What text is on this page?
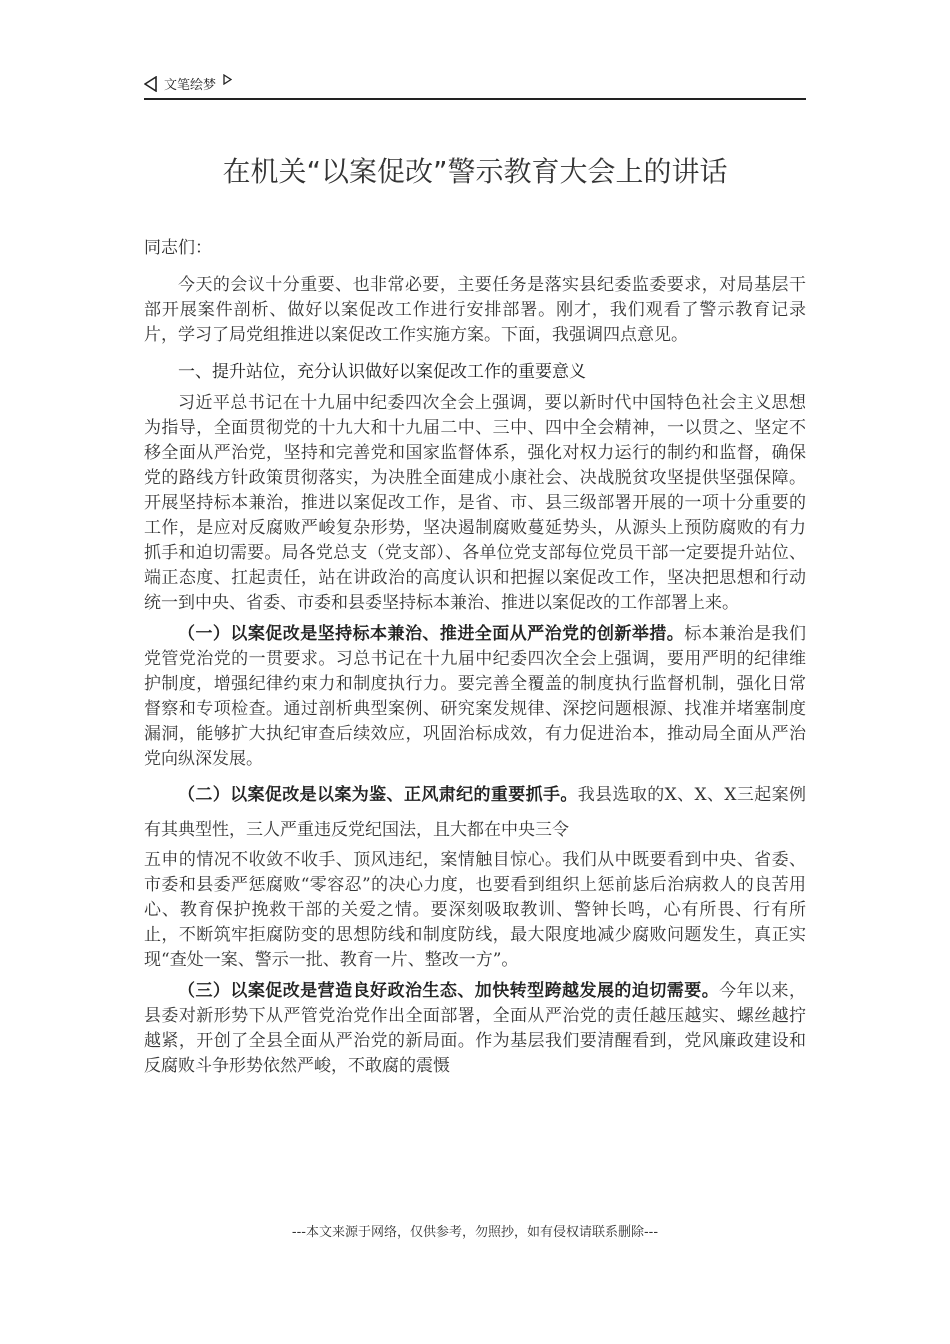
文笔绘梦
在机关“以案促改”警示教育大会上的讲话

同志们：

今天的会议十分重要、也非常必要，主要任务是落实县纪委监委要求，对局基层干部开展案件剖析、做好以案促改工作进行安排部署。刚才，我们观看了警示教育记录片，学习了局党组推进以案促改工作实施方案。下面，我强调四点意见。

一、提升站位，充分认识做好以案促改工作的重要意义

习近平总书记在十九届中纪委四次全会上强调，要以新时代中国特色社会主义思想为指导，全面贯彻党的十九大和十九届二中、三中、四中全会精神，一以贯之、坚定不移全面从严治党，坚持和完善党和国家监督体系，强化对权力运行的制约和监督，确保党的路线方针政策贯彻落实，为决胜全面建成小康社会、决战脱贫攻坚提供坚强保障。开展坚持标本兼治，推进以案促改工作，是省、市、县三级部署开展的一项十分重要的工作，是应对反腐败严峻复杂形势，坚决遏制腐败蔓延势头，从源头上预防腐败的有力抓手和迫切需要。局各党总支（党支部）、各单位党支部每位党员干部一定要提升站位、端正态度、扛起责任，站在讲政治的高度认识和把握以案促改工作，坚决把思想和行动统一到中央、省委、市委和县委坚持标本兼治、推进以案促改的工作部署上来。

（一）以案促改是坚持标本兼治、推进全面从严治党的创新举措。标本兼治是我们党管党治党的一贯要求。习总书记在十九届中纪委四次全会上强调，要用严明的纪律维护制度，增强纪律约束力和制度执行力。要完善全覆盖的制度执行监督机制，强化日常督察和专项检查。通过剖析典型案例、研究案发规律、深挖问题根源、找准并堵塞制度漏洞，能够扩大执纪审查后续效应，巩固治标成效，有力促进治本，推动局全面从严治党向纵深发展。

（二）以案促改是以案为鉴、正风肃纪的重要抓手。我县选取的X、X、X三起案例有其典型性，三人严重违反党纪国法，且大都在中央三令

五申的情况不收敛不收手、顶风违纪，案情触目惊心。我们从中既要看到中央、省委、市委和县委严惩腐败“零容忍”的决心力度，也要看到组织上惩前毖后治病救人的良苦用心、教育保护挽救干部的关爱之情。要深刻吸取教训、警钟长鸣，心有所畏、行有所止，不断筑牢拒腐防变的思想防线和制度防线，最大限度地减少腐败问题发生，真正实现“查处一案、警示一批、教育一片、整改一方”。

（三）以案促改是营造良好政治生态、加快转型跨越发展的迫切需要。今年以来，县委对新形势下从严管党治党作出全面部署，全面从严治党的责任越压越实、螺丝越拧越紧，开创了全县全面从严治党的新局面。作为基层我们要清醒看到，党风廉政建设和反腐败斗争形势依然严峻，不敢腐的震慑

---本文来源于网络，仅供参考，勿照抄，如有侵权请联系删除---
